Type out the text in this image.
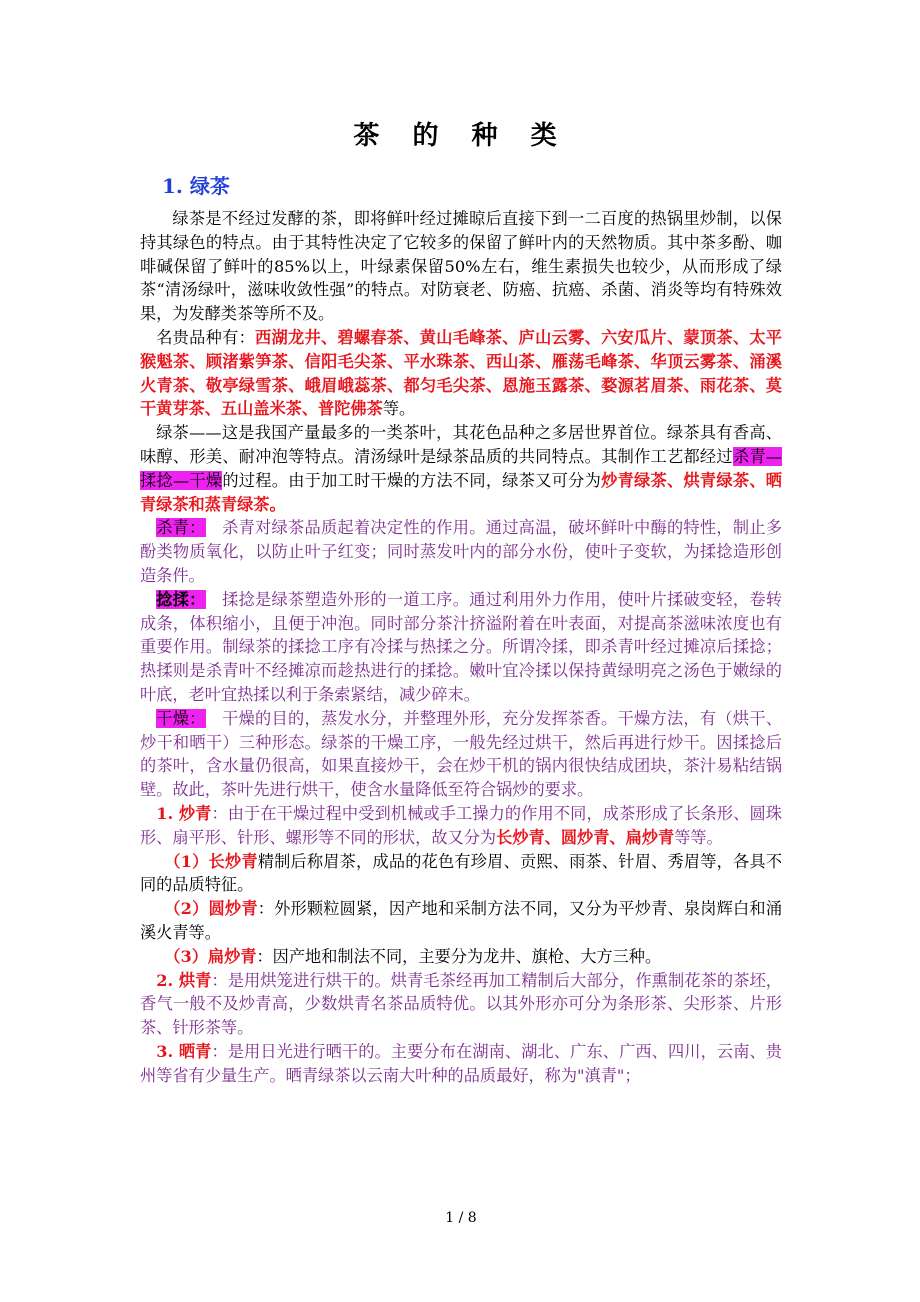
茶 的 种 类
1. 绿茶

绿茶是不经过发酵的茶，即将鲜叶经过摊晾后直接下到一二百度的热锅里炒制，以保持其绿色的特点。由于其特性决定了它较多的保留了鲜叶内的天然物质。其中茶多酚、咖啡碱保留了鲜叶的85%以上，叶绿素保留50%左右，维生素损失也较少，从而形成了绿茶“清汤绿叶，滋味收敛性强”的特点。对防衰老、防癌、抗癌、杀菌、消炎等均有特殊效果，为发酵类茶等所不及。

名贵品种有：西湖龙井、碧螺春茶、黄山毛峰茶、庐山云雾、六安瓜片、蒙顶茶、太平猴魁茶、顾渚紫笋茶、信阳毛尖茶、平水珠茶、西山茶、雁荡毛峰茶、华顶云雾茶、涌溪火青茶、敬亭绿雪茶、峨眉峨蕊茶、都匀毛尖茶、恩施玉露茶、婺源茗眉茶、雨花茶、莫干黄芽茶、五山盖米茶、普陀佛茶等。

绿茶——这是我国产量最多的一类茶叶，其花色品种之多居世界首位。绿茶具有香高、味醇、形美、耐冲泡等特点。清汤绿叶是绿茶品质的共同特点。其制作工艺都经过杀青—揉捻—干燥的过程。由于加工时干燥的方法不同，绿茶又可分为炒青绿茶、烘青绿茶、晒青绿茶和蒸青绿茶。

杀青： 杀青对绿茶品质起着决定性的作用。通过高温，破坏鲜叶中酶的特性，制止多酚类物质氧化，以防止叶子红变；同时蒸发叶内的部分水份，使叶子变软，为揉捻造形创造条件。

捻揉： 揉捻是绿茶塑造外形的一道工序。通过利用外力作用，使叶片揉破变轻，卷转成条，体积缩小，且便于冲泡。同时部分茶汁挤溢附着在叶表面，对提高茶滋味浓度也有重要作用。制绿茶的揉捻工序有冷揉与热揉之分。所谓冷揉，即杀青叶经过摊凉后揉捻；热揉则是杀青叶不经摊凉而趁热进行的揉捻。嫩叶宜冷揉以保持黄绿明亮之汤色于嫩绿的叶底，老叶宜热揉以利于条索紧结，减少碎末。

干燥： 干燥的目的，蒸发水分，并整理外形，充分发挥茶香。干燥方法，有（烘干、炒干和晒干）三种形态。绿茶的干燥工序，一般先经过烘干，然后再进行炒干。因揉捻后的茶叶，含水量仍很高，如果直接炒干，会在炒干机的锅内很快结成团块，茶汁易粘结锅壁。故此，茶叶先进行烘干，使含水量降低至符合锅炒的要求。

1. 炒青：由于在干燥过程中受到机械或手工操力的作用不同，成茶形成了长条形、圆珠形、扇平形、针形、螺形等不同的形状，故又分为长炒青、圆炒青、扁炒青等等。

（1）长炒青精制后称眉茶，成品的花色有珍眉、贡熙、雨茶、针眉、秀眉等，各具不同的品质特征。

（2）圆炒青：外形颗粒圆紧，因产地和采制方法不同，又分为平炒青、泉岗辉白和涌溪火青等。

（3）扁炒青：因产地和制法不同，主要分为龙井、旗枪、大方三种。

2. 烘青：是用烘笼进行烘干的。烘青毛茶经再加工精制后大部分，作熏制花茶的茶坯，香气一般不及炒青高，少数烘青名茶品质特优。以其外形亦可分为条形茶、尖形茶、片形茶、针形茶等。

3. 晒青：是用日光进行晒干的。主要分布在湖南、湖北、广东、广西、四川，云南、贵州等省有少量生产。晒青绿茶以云南大叶种的品质最好，称为"滇青"；

1 / 8
